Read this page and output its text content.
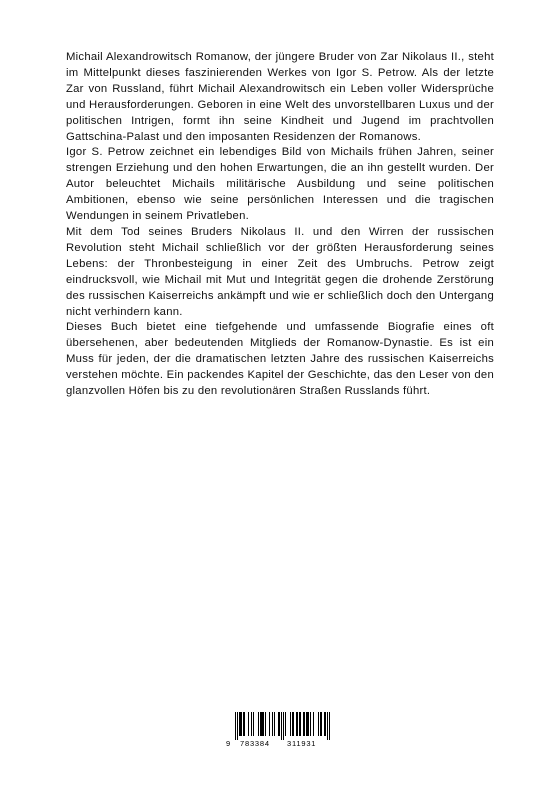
Michail Alexandrowitsch Romanow, der jüngere Bruder von Zar Nikolaus II., steht im Mittelpunkt dieses faszinierenden Werkes von Igor S. Petrow. Als der letzte Zar von Russland, führt Michail Alexandrowitsch ein Leben voller Widersprüche und Herausforderungen. Geboren in eine Welt des unvorstellbaren Luxus und der politischen Intrigen, formt ihn seine Kindheit und Jugend im prachtvollen Gattschina-Palast und den imposanten Residenzen der Romanows.

Igor S. Petrow zeichnet ein lebendiges Bild von Michails frühen Jahren, seiner strengen Erziehung und den hohen Erwartungen, die an ihn gestellt wurden. Der Autor beleuchtet Michails militärische Ausbildung und seine politischen Ambitionen, ebenso wie seine persönlichen Interessen und die tragischen Wendungen in seinem Privatleben.

Mit dem Tod seines Bruders Nikolaus II. und den Wirren der russischen Revolution steht Michail schließlich vor der größten Herausforderung seines Lebens: der Thronbesteigung in einer Zeit des Umbruchs. Petrow zeigt eindrucksvoll, wie Michail mit Mut und Integrität gegen die drohende Zerstörung des russischen Kaiserreichs ankämpft und wie er schließlich doch den Untergang nicht verhindern kann.

Dieses Buch bietet eine tiefgehende und umfassende Biografie eines oft übersehenen, aber bedeutenden Mitglieds der Romanow-Dynastie. Es ist ein Muss für jeden, der die dramatischen letzten Jahre des russischen Kaiserreichs verstehen möchte. Ein packendes Kapitel der Geschichte, das den Leser von den glanzvollen Höfen bis zu den revolutionären Straßen Russlands führt.

9 783384 311931
